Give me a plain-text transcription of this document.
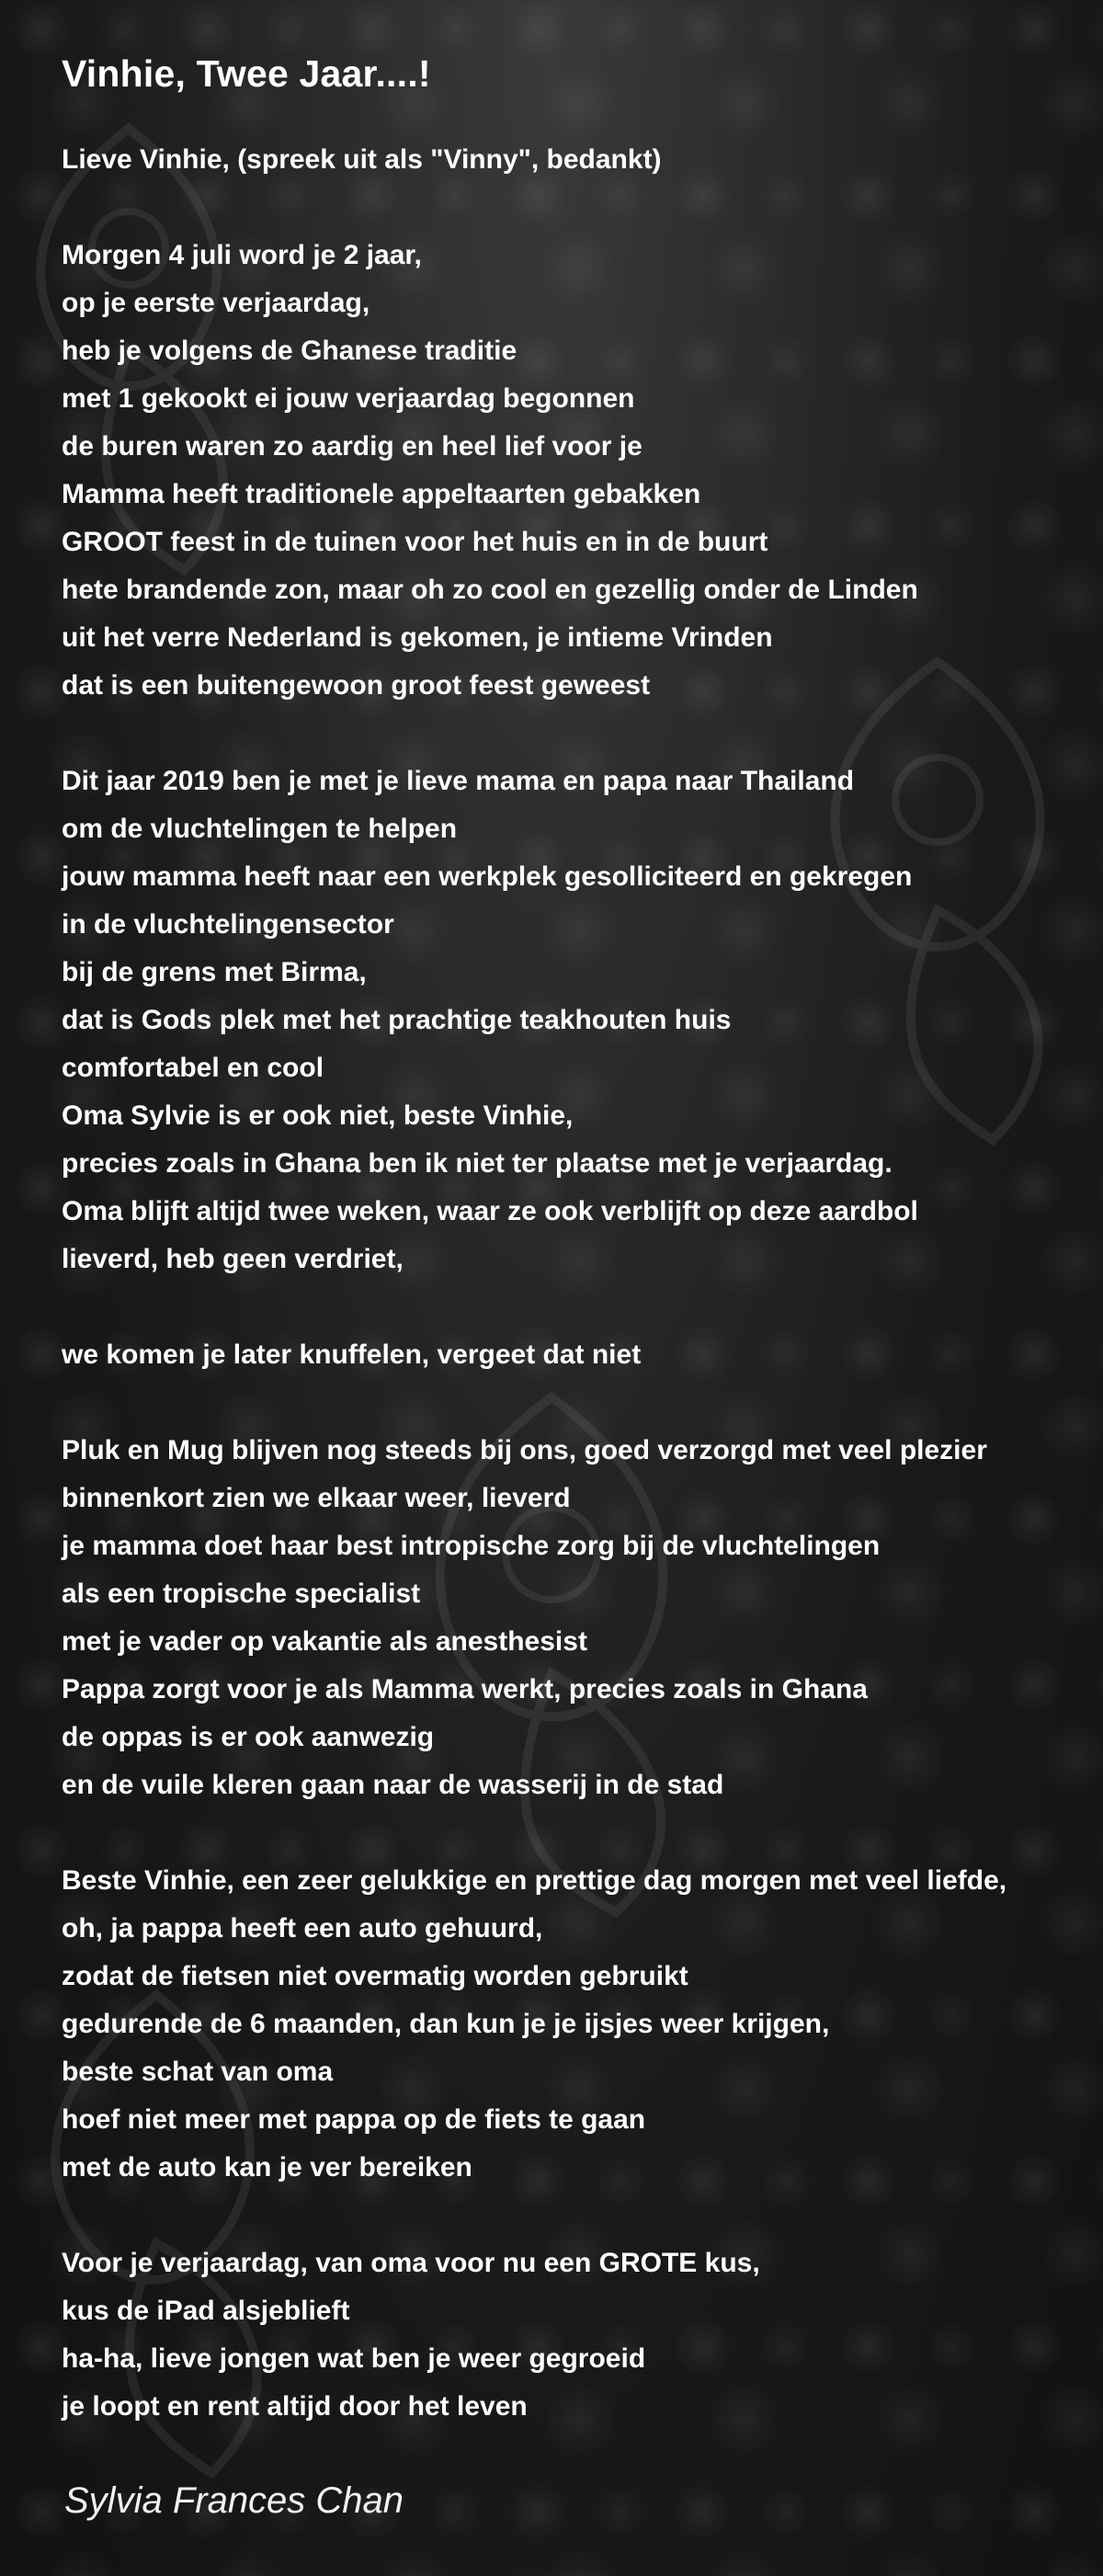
Vinhie, Twee Jaar....!
Lieve Vinhie, (spreek uit als "Vinny", bedankt)
Morgen 4 juli word je 2 jaar,
op je eerste verjaardag,
heb je volgens de Ghanese traditie
met 1 gekookt ei jouw verjaardag begonnen
de buren waren zo aardig en heel lief voor je
Mamma heeft traditionele appeltaarten gebakken
GROOT feest in de tuinen voor het huis en in de buurt
hete brandende zon, maar oh zo cool en gezellig onder de Linden
uit het verre Nederland is gekomen, je intieme Vrinden
dat is een buitengewoon groot feest geweest
Dit jaar 2019 ben je met je lieve mama en papa naar Thailand
om de vluchtelingen te helpen
jouw mamma heeft naar een werkplek gesolliciteerd en gekregen
in de vluchtelingensector
bij de grens met Birma,
dat is Gods plek met het prachtige teakhouten huis
comfortabel en cool
Oma Sylvie is er ook niet, beste Vinhie,
precies zoals in Ghana ben ik niet ter plaatse met je verjaardag.
Oma blijft altijd twee weken, waar ze ook verblijft op deze aardbol
lieverd, heb geen verdriet,
we komen je later knuffelen, vergeet dat niet
Pluk en Mug blijven nog steeds bij ons, goed verzorgd met veel plezier
binnenkort zien we elkaar weer, lieverd
je mamma doet haar best intropische zorg bij de vluchtelingen
als een tropische specialist
met je vader op vakantie als anesthesist
Pappa zorgt voor je als Mamma werkt, precies zoals in Ghana
de oppas is er ook aanwezig
en de vuile kleren gaan naar de wasserij in de stad
Beste Vinhie, een zeer gelukkige en prettige dag morgen met veel liefde,
oh, ja pappa heeft een auto gehuurd,
zodat de fietsen niet overmatig worden gebruikt
gedurende de 6 maanden, dan kun je je ijsjes weer krijgen,
beste schat van oma
hoef niet meer met pappa op de fiets te gaan
met de auto kan je ver bereiken
Voor je verjaardag, van oma voor nu een GROTE kus,
kus de iPad alsjeblieft
ha-ha, lieve jongen wat ben je weer gegroeid
je loopt en rent altijd door het leven
Sylvia Frances Chan
